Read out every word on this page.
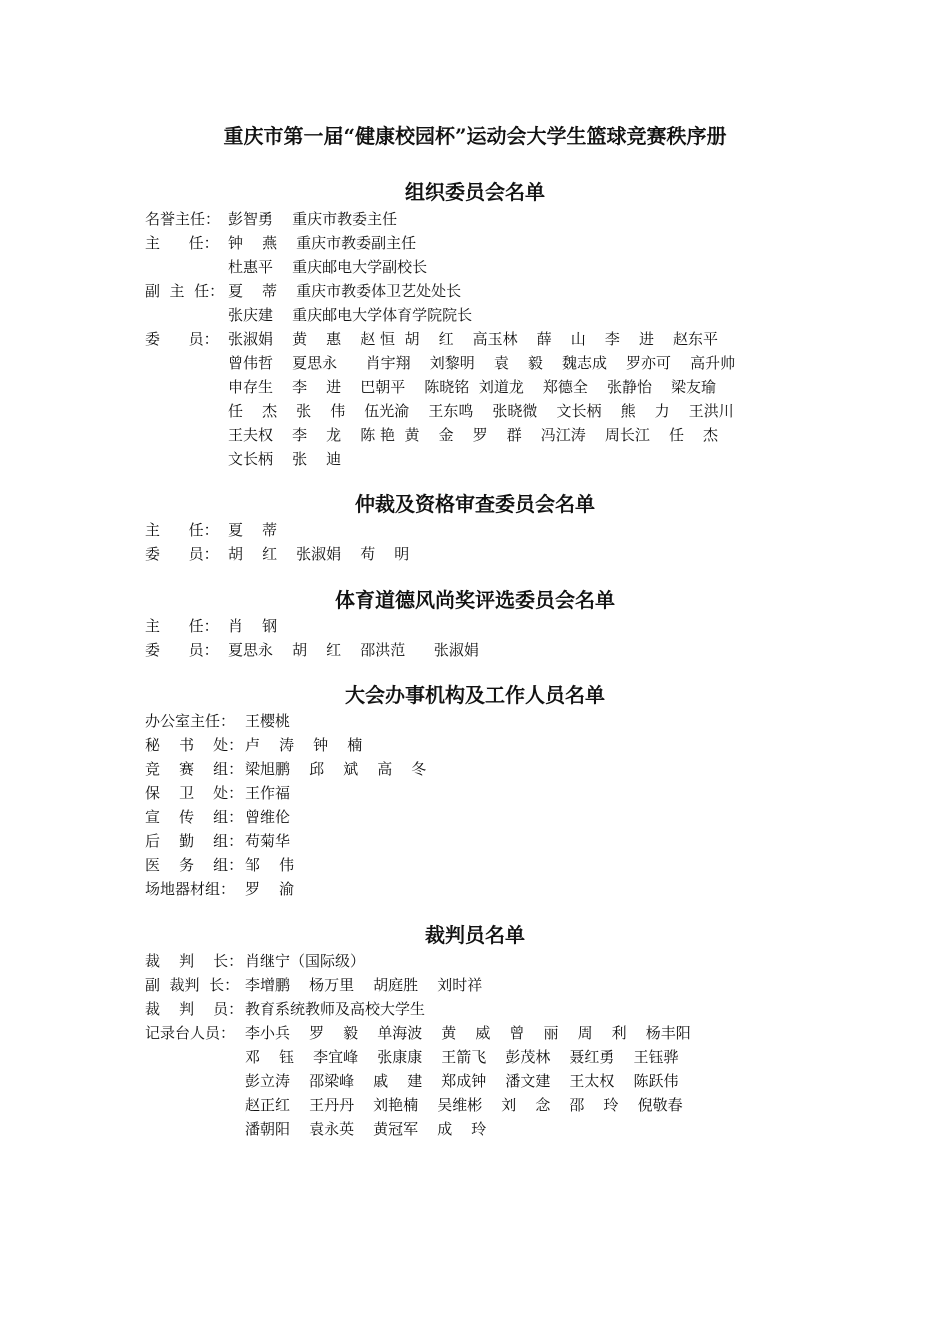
重庆市第一届“健康校园杯”运动会大学生篮球竞赛秩序册
组织委员会名单

名誉主任：

彭智勇    重庆市教委主任

主      任：

钟    燕    重庆市教委副主任

杜惠平    重庆邮电大学副校长

副  主  任：

夏    蒂    重庆市教委体卫艺处处长

张庆建    重庆邮电大学体育学院院长

委      员：

张淑娟    黄    惠    赵 恒  胡    红    高玉林    薛    山    李    进    赵东平

曾伟哲    夏思永      肖宇翔    刘黎明    袁    毅    魏志成    罗亦可    高升帅

申存生    李    进    巴朝平    陈晓铭  刘道龙    郑德全    张静怡    梁友瑜

任    杰    张    伟    伍光渝    王东鸣    张晓微    文长柄    熊    力    王洪川

王夫权    李    龙    陈 艳  黄    金    罗    群    冯江涛    周长江    任    杰

文长柄    张    迪

仲裁及资格审查委员会名单

主      任：

夏    蒂

委      员：

胡    红    张淑娟    苟    明

体育道德风尚奖评选委员会名单

主      任：

肖    钢

委      员：

夏思永    胡    红    邵洪范      张淑娟

大会办事机构及工作人员名单

办公室主任：

王樱桃

秘    书    处：

卢    涛    钟    楠

竞    赛    组：

梁旭鹏    邱    斌    高    冬

保    卫    处：

王作福

宣    传    组：

曾维伦

后    勤    组：

苟菊华

医    务    组：

邹    伟

场地器材组：

罗    渝

裁判员名单

裁    判    长：

肖继宁（国际级）

副  裁判  长：

李增鹏    杨万里    胡庭胜    刘时祥

裁    判    员：

教育系统教师及高校大学生

记录台人员：

李小兵    罗    毅    单海波    黄    威    曾    丽    周    利    杨丰阳

邓    钰    李宜峰    张康康    王箭飞    彭茂林    聂红勇    王钰骅

彭立涛    邵梁峰    戚    建    郑成钟    潘文建    王太权    陈跃伟

赵正红    王丹丹    刘艳楠    吴维彬    刘    念    邵    玲    倪敬春

潘朝阳    袁永英    黄冠军    成    玲
